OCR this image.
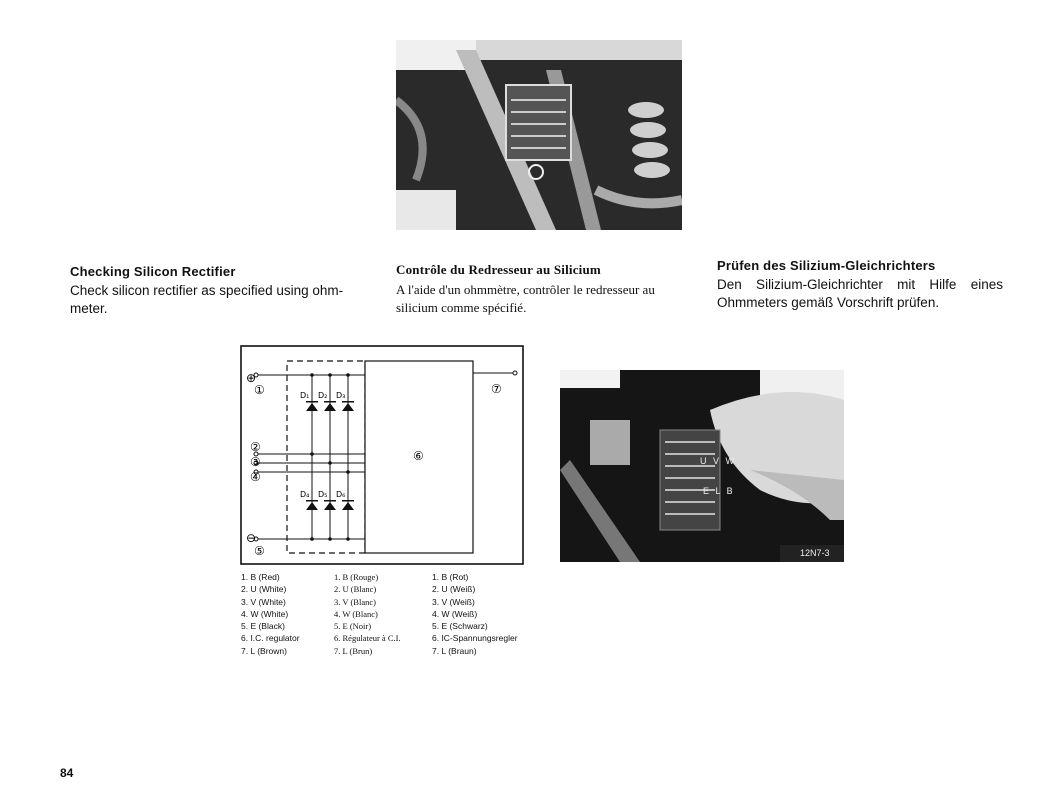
Checking Silicon Rectifier

Check silicon rectifier as specified using ohm-meter.

Contrôle du Redresseur au Silicium

A l'aide d'un ohmmètre, contrôler le redresseur au silicium comme spécifié.

Prüfen des Silizium-Gleichrichters

Den Silizium-Gleichrichter mit Hilfe eines Ohmmeters gemäß Vorschrift prüfen.

⊕
①
②
③
④
⊖
⑤
⑥
⑦
D₁ D₂ D₃
D₄ D₅ D₆
U V W
E L B
12N7-3
1. B (Red)
2. U (White)
3. V (White)
4. W (White)
5. E (Black)
6. I.C. regulator
7. L (Brown)
1. B (Rouge)
2. U (Blanc)
3. V (Blanc)
4. W (Blanc)
5. E (Noir)
6. Régulateur à C.I.
7. L (Brun)
1. B (Rot)
2. U (Weiß)
3. V (Weiß)
4. W (Weiß)
5. E (Schwarz)
6. IC-Spannungsregler
7. L (Braun)
84
